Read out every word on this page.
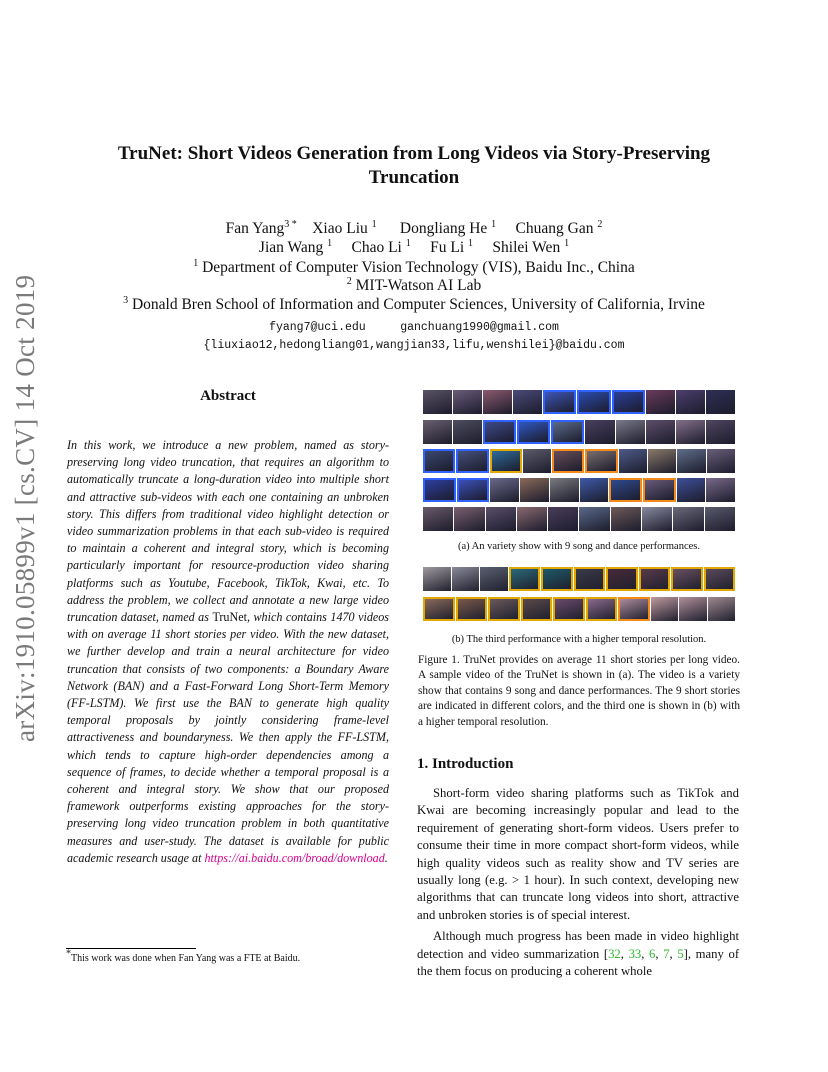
arXiv:1910.05899v1 [cs.CV] 14 Oct 2019
TruNet: Short Videos Generation from Long Videos via Story-Preserving
Truncation
Fan Yang$^{3 *}$ Xiao Liu $^1$ Dongliang He $^1$ Chuang Gan $^2$
Jian Wang $^1$ Chao Li $^1$ Fu Li $^1$ Shilei Wen $^1$
$^1$ Department of Computer Vision Technology (VIS), Baidu Inc., China
$^2$ MIT-Watson AI Lab
$^3$ Donald Bren School of Information and Computer Sciences, University of California, Irvine
fyang7@uci.edu	ganchuang1990@gmail.com
{liuxiao12,hedongliang01,wangjian33,lifu,wenshilei}@baidu.com
Abstract
In this work, we introduce a new problem, named as story-preserving long video truncation, that requires an algorithm to automatically truncate a long-duration video into multiple short and attractive sub-videos with each one containing an unbroken story. This differs from traditional video highlight detection or video summarization problems in that each sub-video is required to maintain a coherent and integral story, which is becoming particularly important for resource-production video sharing platforms such as Youtube, Facebook, TikTok, Kwai, etc. To address the problem, we collect and annotate a new large video truncation dataset, named as TruNet, which contains 1470 videos with on average 11 short stories per video. With the new dataset, we further develop and train a neural architecture for video truncation that consists of two components: a Boundary Aware Network (BAN) and a Fast-Forward Long Short-Term Memory (FF-LSTM). We first use the BAN to generate high quality temporal proposals by jointly considering frame-level attractiveness and boundaryness. We then apply the FF-LSTM, which tends to capture high-order dependencies among a sequence of frames, to decide whether a temporal proposal is a coherent and integral story. We show that our proposed framework outperforms existing approaches for the story-preserving long video truncation problem in both quantitative measures and user-study. The dataset is available for public academic research usage at https://ai.baidu.com/broad/download.
*This work was done when Fan Yang was a FTE at Baidu.
(a) An variety show with 9 song and dance performances.
(b) The third performance with a higher temporal resolution.
Figure 1. TruNet provides on average 11 short stories per long video. A sample video of the TruNet is shown in (a). The video is a variety show that contains 9 song and dance performances. The 9 short stories are indicated in different colors, and the third one is shown in (b) with a higher temporal resolution.
1. Introduction

Short-form video sharing platforms such as TikTok and Kwai are becoming increasingly popular and lead to the requirement of generating short-form videos. Users prefer to consume their time in more compact short-form videos, while high quality videos such as reality show and TV series are usually long (e.g. > 1 hour). In such context, developing new algorithms that can truncate long videos into short, attractive and unbroken stories is of special interest.

Although much progress has been made in video highlight detection and video summarization [32, 33, 6, 7, 5], many of the them focus on producing a coherent whole
